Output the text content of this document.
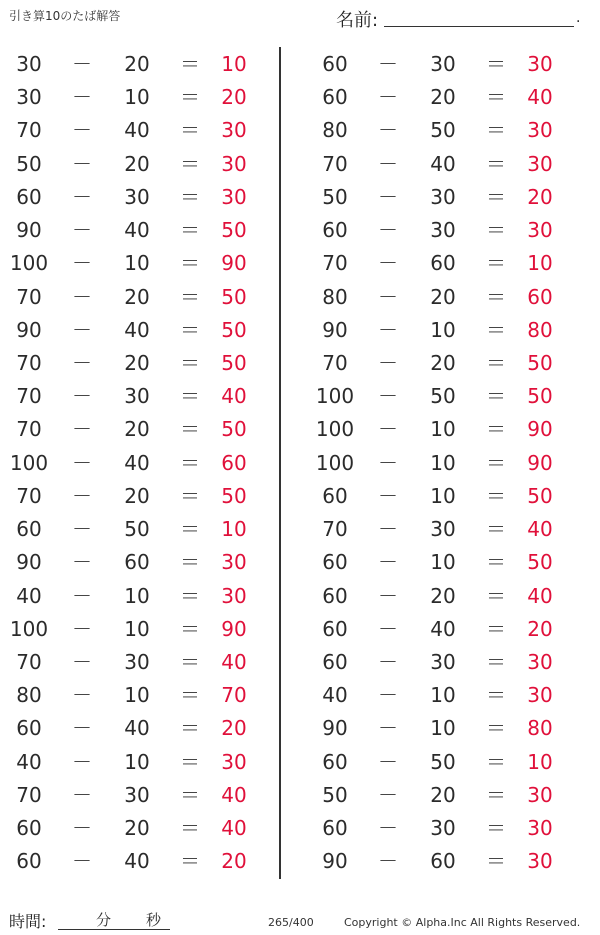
引き算10のたば解答	名前:	.
30	－	20	＝	10
30	－	10	＝	20
70	－	40	＝	30
50	－	20	＝	30
60	－	30	＝	30
90	－	40	＝	50
100 －	10	＝	90
70	－	20	＝	50
90	－	40	＝	50
70	－	20	＝	50
70	－	30	＝	40
70	－	20	＝	50
100 －	40	＝	60
70	－	20	＝	50
60	－	50	＝	10
90	－	60	＝	30
40	－	10	＝	30
100 －	10	＝	90
70	－	30	＝	40
80	－	10	＝	70
60	－	40	＝	20
40	－	10	＝	30
70	－	30	＝	40
60	－	20	＝	40
60	－	40	＝	20
60	－	30	＝	30
60	－	20	＝	40
80	－	50	＝	30
70	－	40	＝	30
50	－	30	＝	20
60	－	30	＝	30
70	－	60	＝	10
80	－	20	＝	60
90	－	10	＝	80
70	－	20	＝	50
100 －	50	＝	50
100 －	10	＝	90
100 －	10	＝	90
60	－	10	＝	50
70	－	30	＝	40
60	－	10	＝	50
60	－	20	＝	40
60	－	40	＝	20
60	－	30	＝	30
40	－	10	＝	30
90	－	10	＝	80
60	－	50	＝	10
50	－	20	＝	30
60	－	30	＝	30
90	－	60	＝	30
時間:	分 秒	265/400	Copyright © Alpha.Inc All Rights Reserved.
